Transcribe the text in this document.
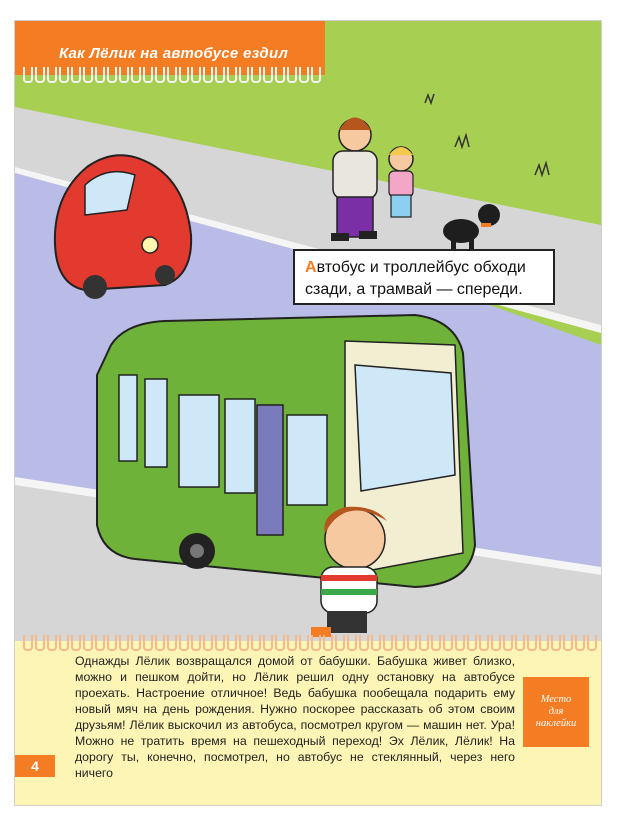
Как Лёлик на автобусе ездил
Автобус и троллейбус обходи
сзади, а трамвай — спереди.
Однажды Лёлик возвращался домой от бабушки. Бабушка живет близко, можно и пешком дойти, но Лёлик решил одну остановку на автобусе проехать. Настроение отличное! Ведь бабушка пообещала подарить ему новый мяч на день рождения. Нужно поскорее рассказать об этом своим друзьям! Лёлик выскочил из автобуса, посмотрел кругом — машин нет. Ура! Можно не тратить время на пешеходный переход! Эх Лёлик, Лёлик! На дорогу ты, конечно, посмотрел, но автобус не стеклянный, через него ничего
Место
для
наклейки
4
